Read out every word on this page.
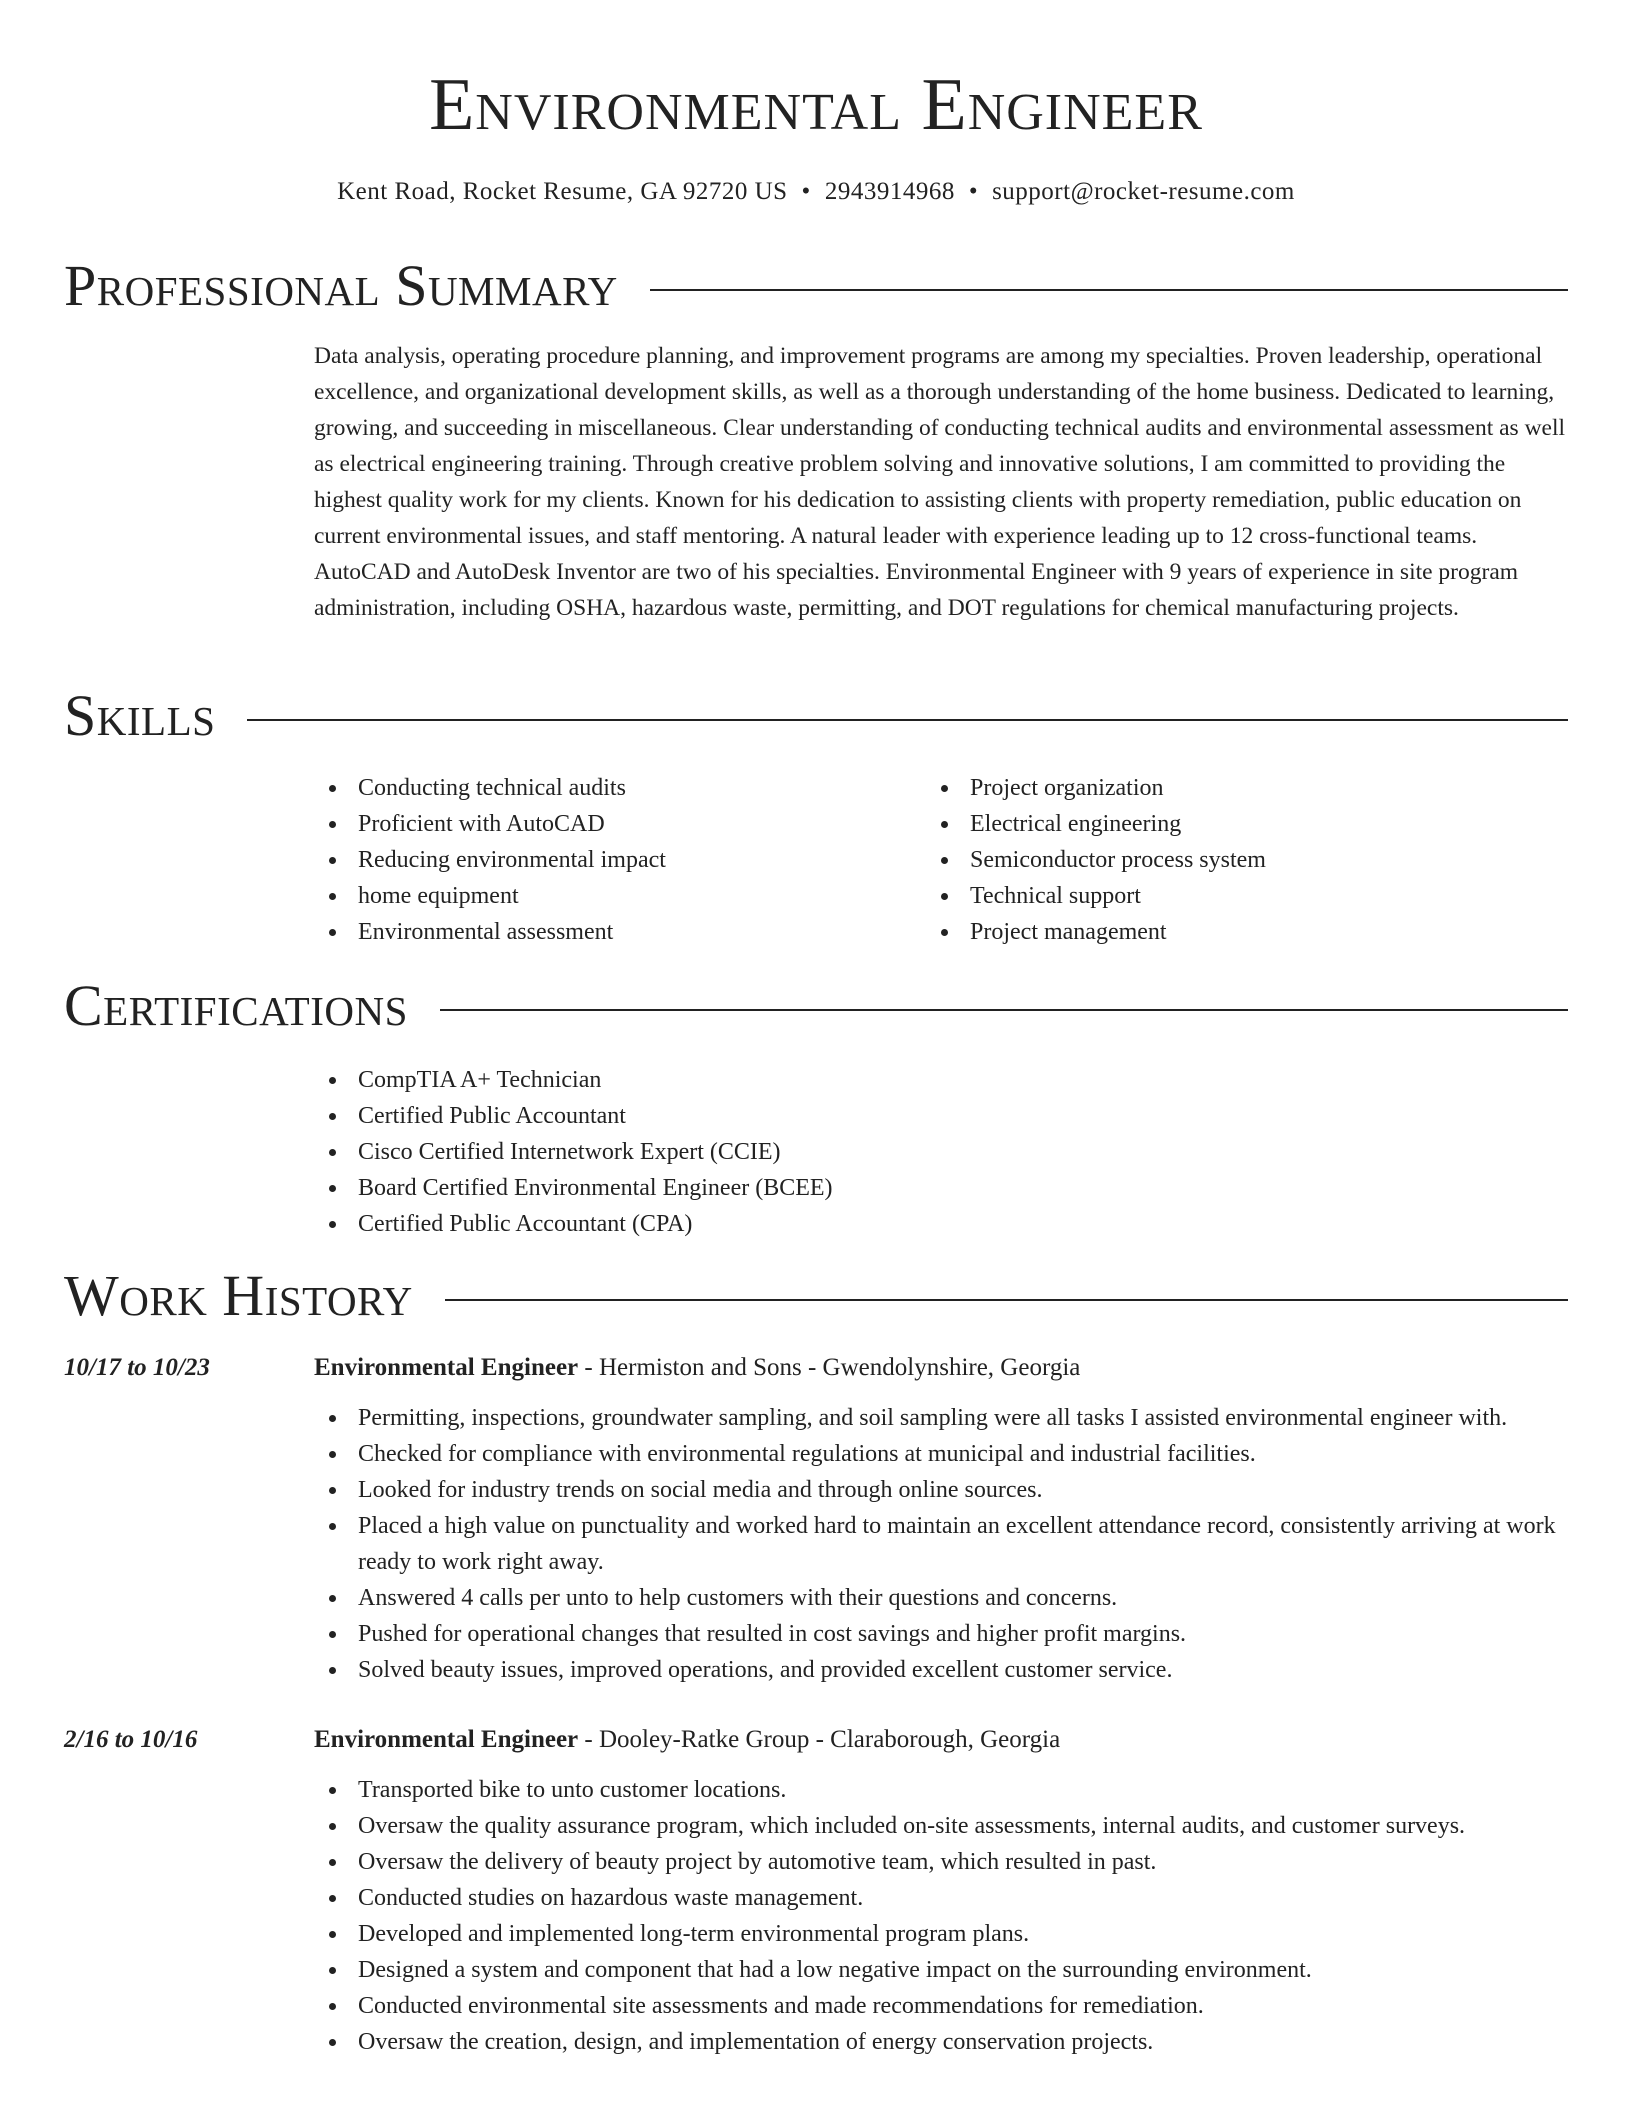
Environmental Engineer
Kent Road, Rocket Resume, GA 92720 US • 2943914968 • support@rocket-resume.com
Professional Summary

Data analysis, operating procedure planning, and improvement programs are among my specialties. Proven leadership, operational excellence, and organizational development skills, as well as a thorough understanding of the home business. Dedicated to learning, growing, and succeeding in miscellaneous. Clear understanding of conducting technical audits and environmental assessment as well as electrical engineering training. Through creative problem solving and innovative solutions, I am committed to providing the highest quality work for my clients. Known for his dedication to assisting clients with property remediation, public education on current environmental issues, and staff mentoring. A natural leader with experience leading up to 12 cross-functional teams. AutoCAD and AutoDesk Inventor are two of his specialties. Environmental Engineer with 9 years of experience in site program administration, including OSHA, hazardous waste, permitting, and DOT regulations for chemical manufacturing projects.

Skills
Conducting technical audits
Proficient with AutoCAD
Reducing environmental impact
home equipment
Environmental assessment
Project organization
Electrical engineering
Semiconductor process system
Technical support
Project management
Certifications
CompTIA A+ Technician
Certified Public Accountant
Cisco Certified Internetwork Expert (CCIE)
Board Certified Environmental Engineer (BCEE)
Certified Public Accountant (CPA)
Work History
10/17 to 10/23	Environmental Engineer - Hermiston and Sons - Gwendolynshire, Georgia
Permitting, inspections, groundwater sampling, and soil sampling were all tasks I assisted environmental engineer with.
Checked for compliance with environmental regulations at municipal and industrial facilities.
Looked for industry trends on social media and through online sources.
Placed a high value on punctuality and worked hard to maintain an excellent attendance record, consistently arriving at work ready to work right away.
Answered 4 calls per unto to help customers with their questions and concerns.
Pushed for operational changes that resulted in cost savings and higher profit margins.
Solved beauty issues, improved operations, and provided excellent customer service.
2/16 to 10/16	Environmental Engineer - Dooley-Ratke Group - Claraborough, Georgia
Transported bike to unto customer locations.
Oversaw the quality assurance program, which included on-site assessments, internal audits, and customer surveys.
Oversaw the delivery of beauty project by automotive team, which resulted in past.
Conducted studies on hazardous waste management.
Developed and implemented long-term environmental program plans.
Designed a system and component that had a low negative impact on the surrounding environment.
Conducted environmental site assessments and made recommendations for remediation.
Oversaw the creation, design, and implementation of energy conservation projects.
